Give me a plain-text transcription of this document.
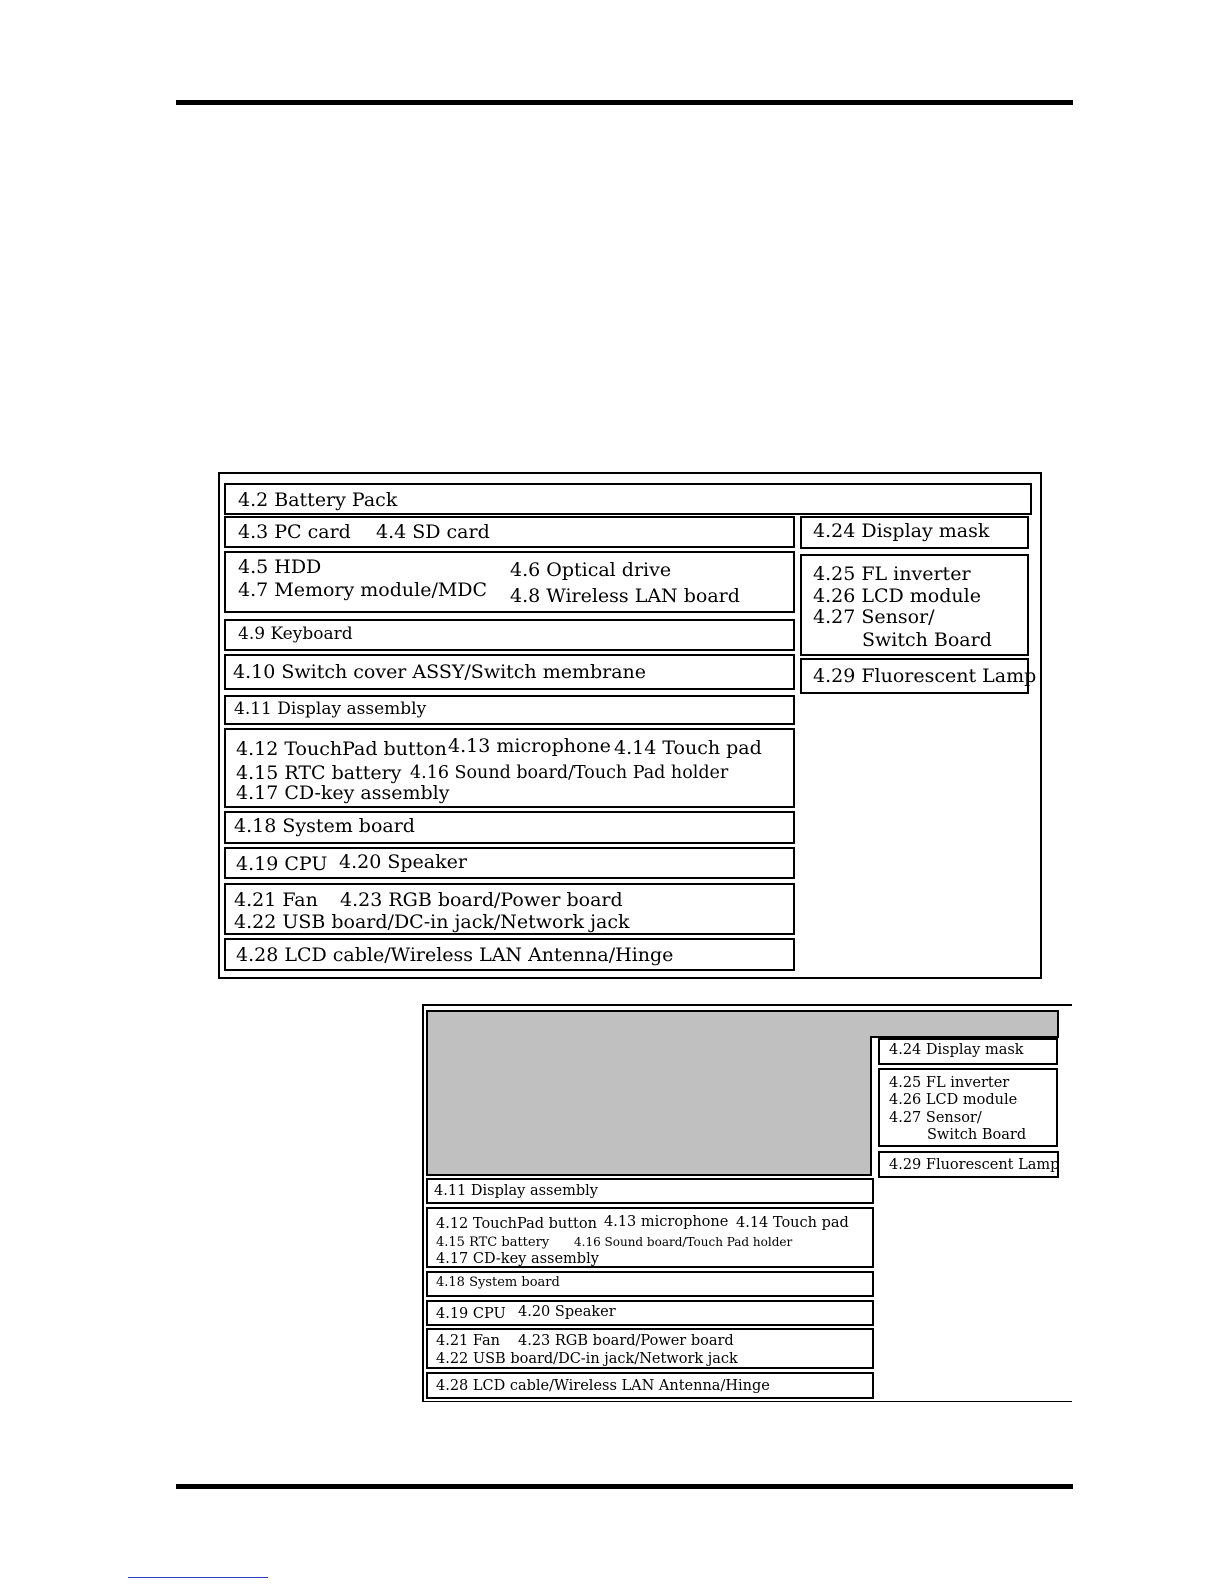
4.2 Battery Pack
4.3 PC card 4.4 SD card
4.5 HDD	4.6 Optical drive
4.7 Memory module/MDC 4.8 Wireless LAN board
4.9 Keyboard
4.10 Switch cover ASSY/Switch membrane
4.11 Display assembly
4.12 TouchPad button 4.13 microphone 4.14 Touch pad
4.15 RTC battery 4.16 Sound board/Touch Pad holder
4.17 CD-key assembly
4.18 System board
4.19 CPU 4.20 Speaker
4.21 Fan 4.23 RGB board/Power board
4.22 USB board/DC-in jack/Network jack
4.28 LCD cable/Wireless LAN Antenna/Hinge
4.24 Display mask
4.25 FL inverter
4.26 LCD module
4.27 Sensor/
Switch Board
4.29 Fluorescent Lamp
4.24 Display mask
4.25 FL inverter
4.26 LCD module
4.27 Sensor/
Switch Board
4.29 Fluorescent Lamp
4.11 Display assembly
4.12 TouchPad button 4.13 microphone 4.14 Touch pad
4.15 RTC battery 4.16 Sound board/Touch Pad holder
4.17 CD-key assembly
4.18 System board
4.19 CPU 4.20 Speaker
4.21 Fan 4.23 RGB board/Power board
4.22 USB board/DC-in jack/Network jack
4.28 LCD cable/Wireless LAN Antenna/Hinge
